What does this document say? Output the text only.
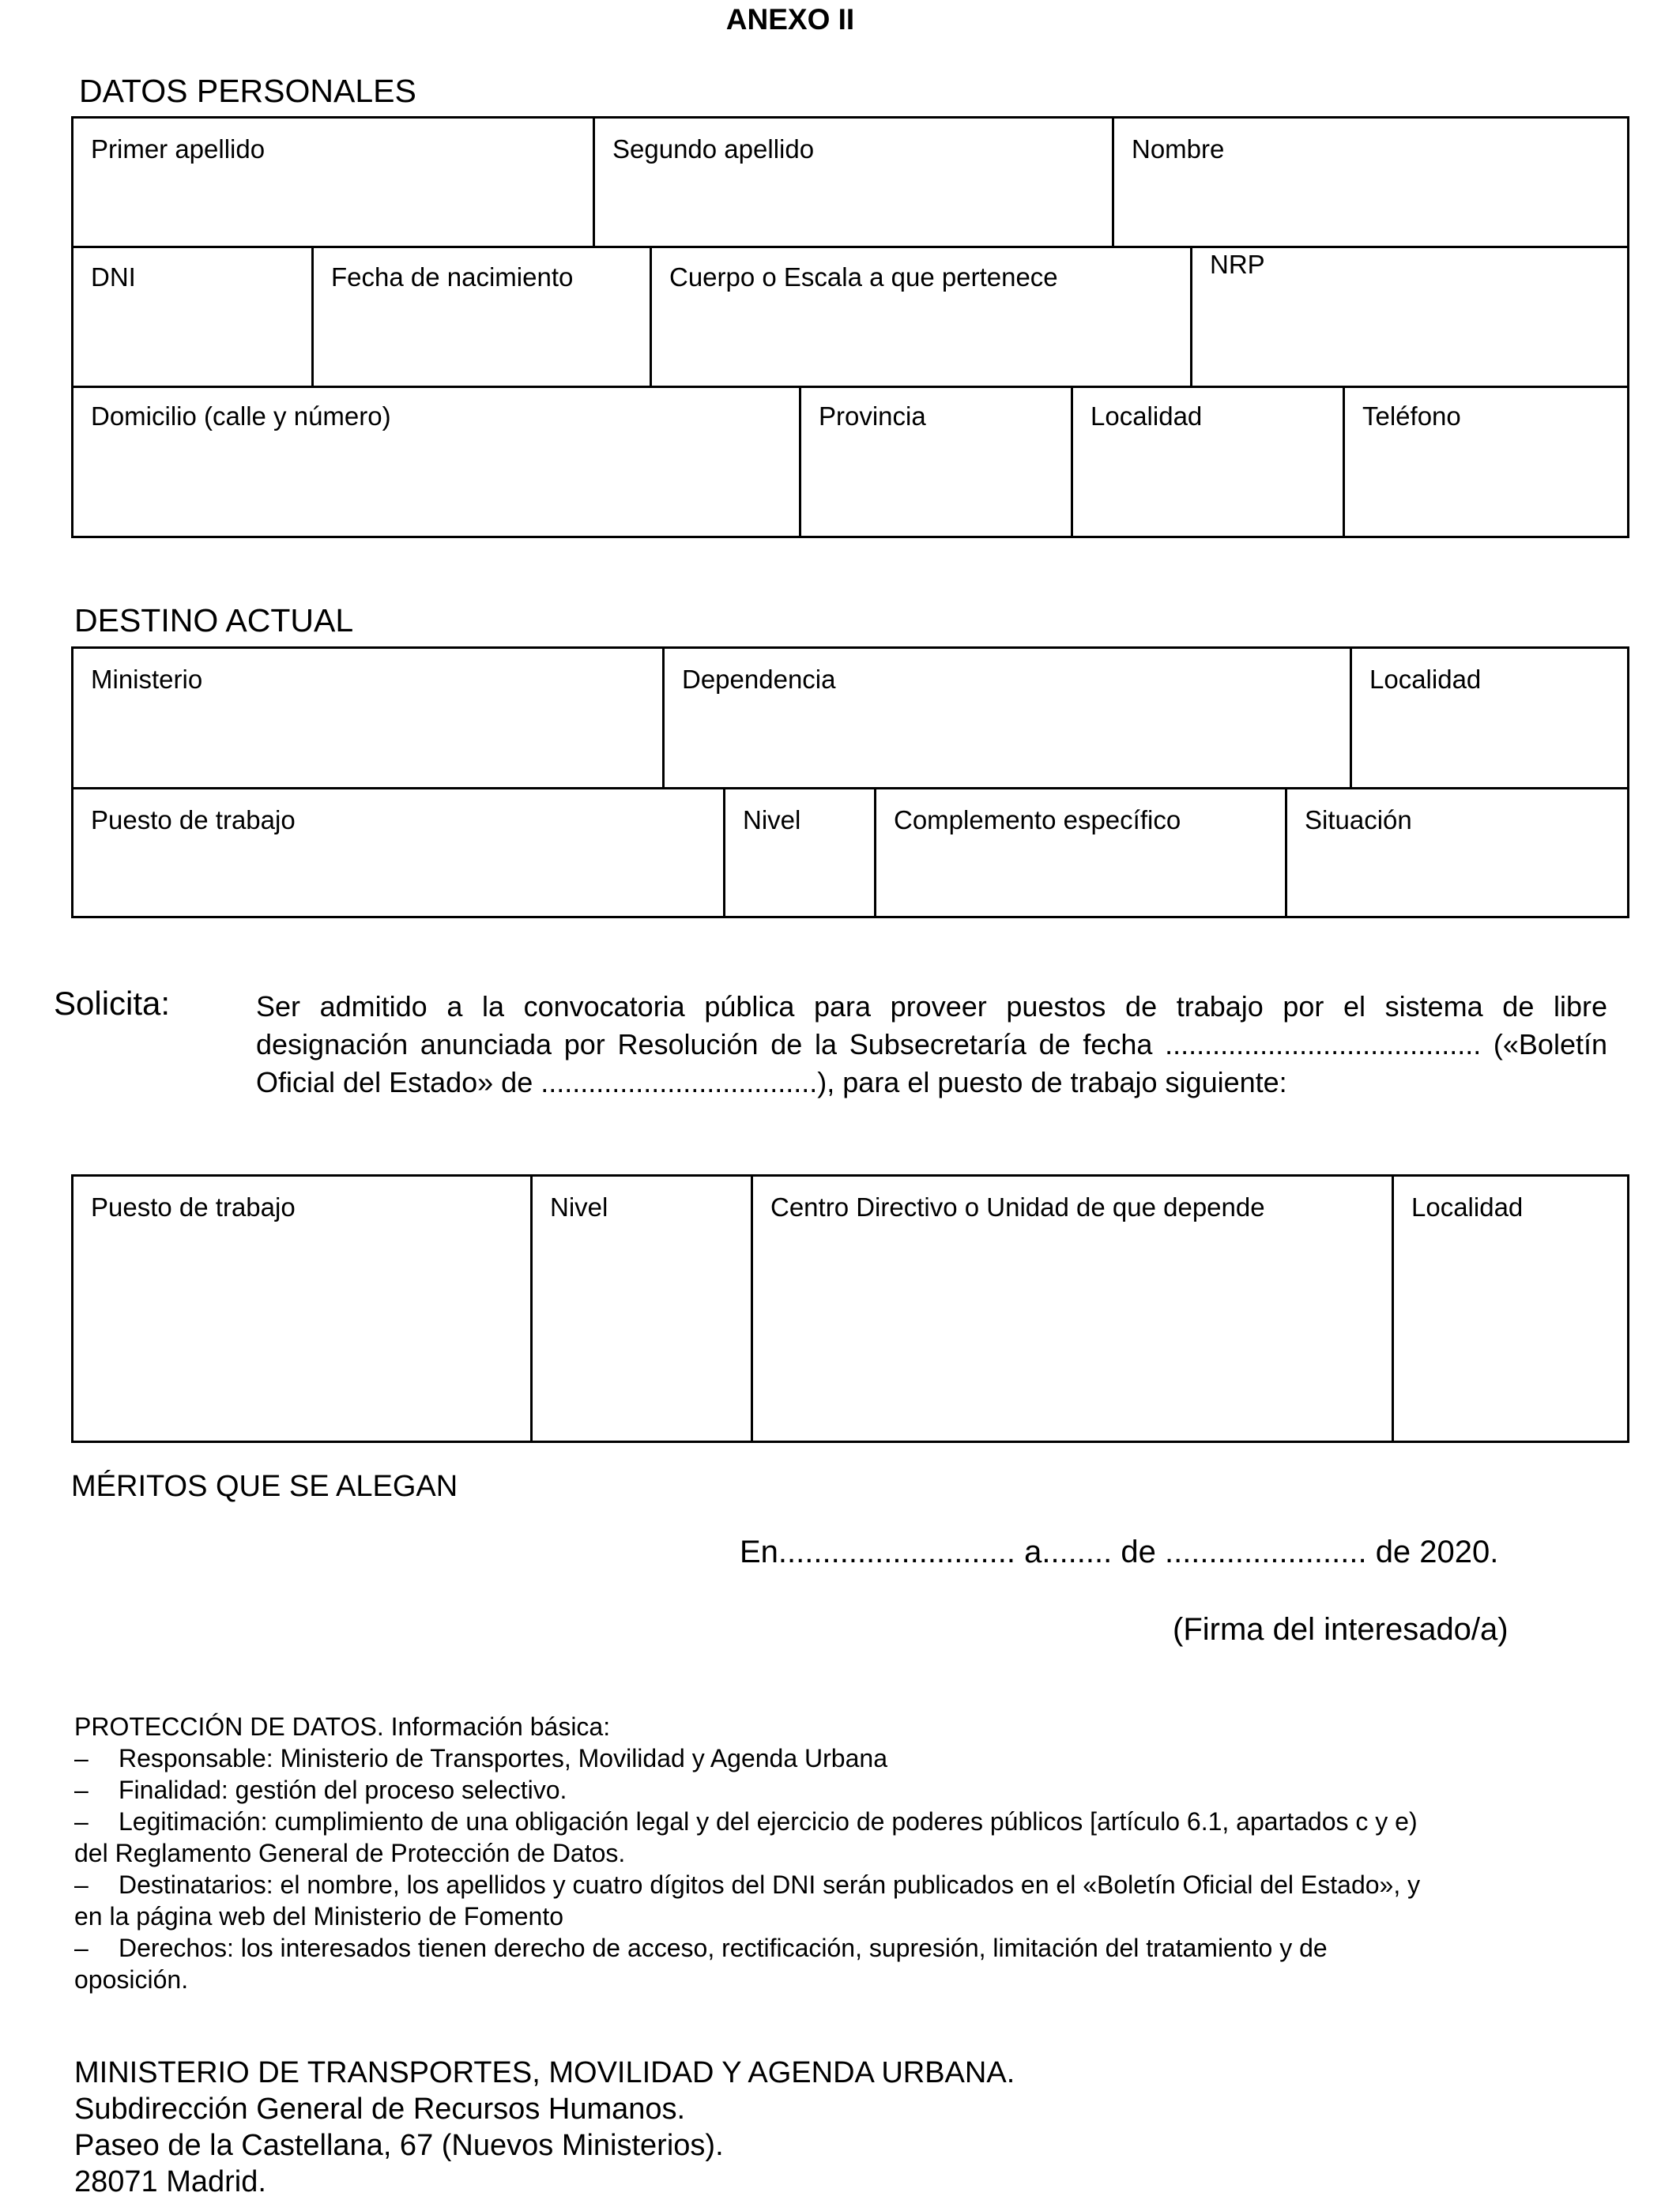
ANEXO II
DATOS PERSONALES
Primer apellido	Segundo apellido	Nombre
DNI	Fecha de nacimiento	Cuerpo o Escala a que pertenece	NRP
Domicilio (calle y número)	Provincia	Localidad	Teléfono
DESTINO ACTUAL
Ministerio	Dependencia	Localidad
Puesto de trabajo	Nivel	Complemento específico	Situación
Solicita:	Ser admitido a la convocatoria pública para proveer puestos de trabajo por el sistema de libre
designación anunciada por Resolución de la Subsecretaría de fecha ........................................ («Boletín
Oficial del Estado» de ...................................), para el puesto de trabajo siguiente:
Puesto de trabajo	Nivel	Centro Directivo o Unidad de que depende	Localidad
MÉRITOS QUE SE ALEGAN
En........................... a........ de ....................... de 2020.
(Firma del interesado/a)
PROTECCIÓN DE DATOS. Información básica:
– Responsable: Ministerio de Transportes, Movilidad y Agenda Urbana
– Finalidad: gestión del proceso selectivo.
– Legitimación: cumplimiento de una obligación legal y del ejercicio de poderes públicos [artículo 6.1, apartados c y e)
del Reglamento General de Protección de Datos.
– Destinatarios: el nombre, los apellidos y cuatro dígitos del DNI serán publicados en el «Boletín Oficial del Estado», y
en la página web del Ministerio de Fomento
– Derechos: los interesados tienen derecho de acceso, rectificación, supresión, limitación del tratamiento y de
oposición.
MINISTERIO DE TRANSPORTES, MOVILIDAD Y AGENDA URBANA.
Subdirección General de Recursos Humanos.
Paseo de la Castellana, 67 (Nuevos Ministerios).
28071 Madrid.
